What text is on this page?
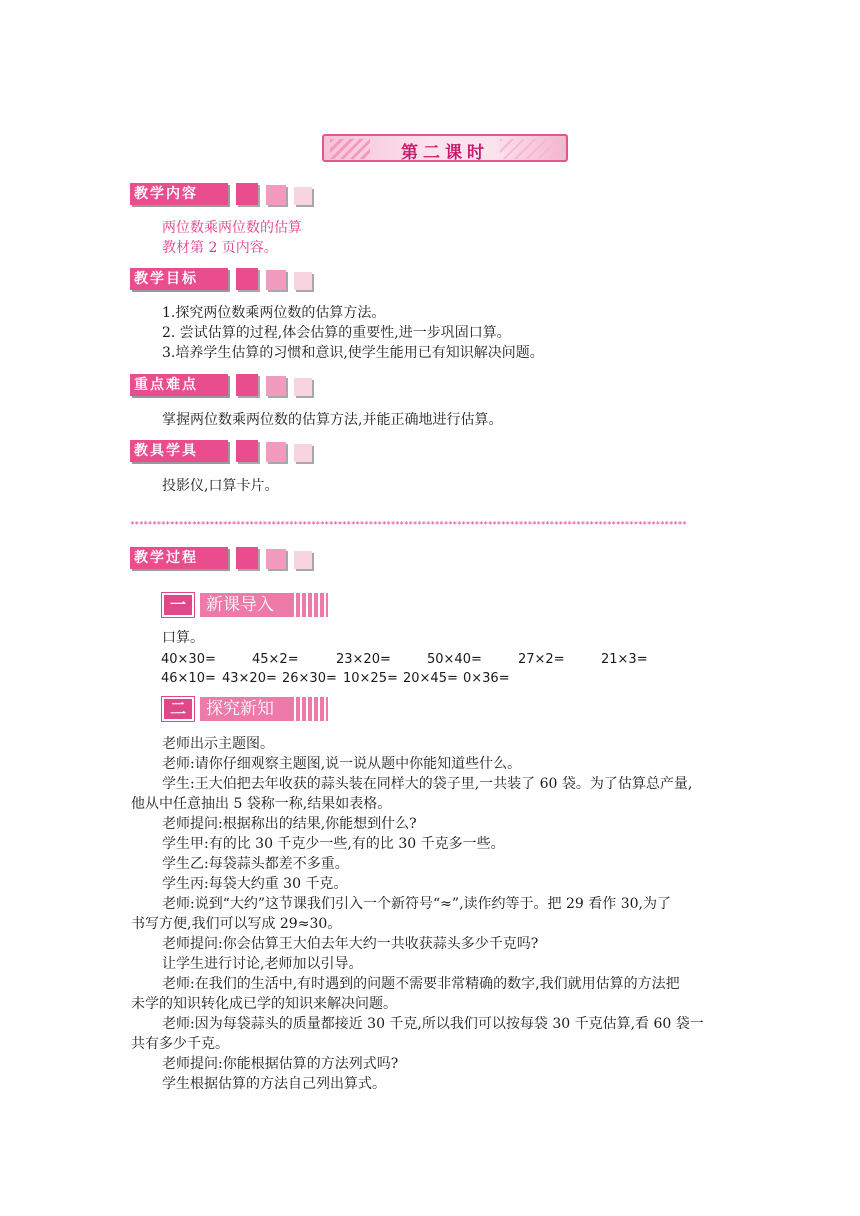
第二课时
教学内容
两位数乘两位数的估算
教材第 2 页内容。
教学目标
1.探究两位数乘两位数的估算方法。
2. 尝试估算的过程,体会估算的重要性,进一步巩固口算。
3.培养学生估算的习惯和意识,使学生能用已有知识解决问题。
重点难点
掌握两位数乘两位数的估算方法,并能正确地进行估算。
教具学具
投影仪,口算卡片。
******************************************************************************************************************************
教学过程
一	新课导入
口算。
40×30=	45×2=	23×20=	50×40=	27×2=	21×3=
46×10= 43×20= 26×30= 10×25= 20×45= 0×36=
二	探究新知
老师出示主题图。
老师:请你仔细观察主题图,说一说从题中你能知道些什么。
学生:王大伯把去年收获的蒜头装在同样大的袋子里,一共装了 60 袋。为了估算总产量,
他从中任意抽出 5 袋称一称,结果如表格。
老师提问:根据称出的结果,你能想到什么?
学生甲:有的比 30 千克少一些,有的比 30 千克多一些。
学生乙:每袋蒜头都差不多重。
学生丙:每袋大约重 30 千克。
老师:说到“大约”这节课我们引入一个新符号“≈”,读作约等于。把 29 看作 30,为了
书写方便,我们可以写成 29≈30。
老师提问:你会估算王大伯去年大约一共收获蒜头多少千克吗?
让学生进行讨论,老师加以引导。
老师:在我们的生活中,有时遇到的问题不需要非常精确的数字,我们就用估算的方法把
未学的知识转化成已学的知识来解决问题。
老师:因为每袋蒜头的质量都接近 30 千克,所以我们可以按每袋 30 千克估算,看 60 袋一
共有多少千克。
老师提问:你能根据估算的方法列式吗?
学生根据估算的方法自己列出算式。
